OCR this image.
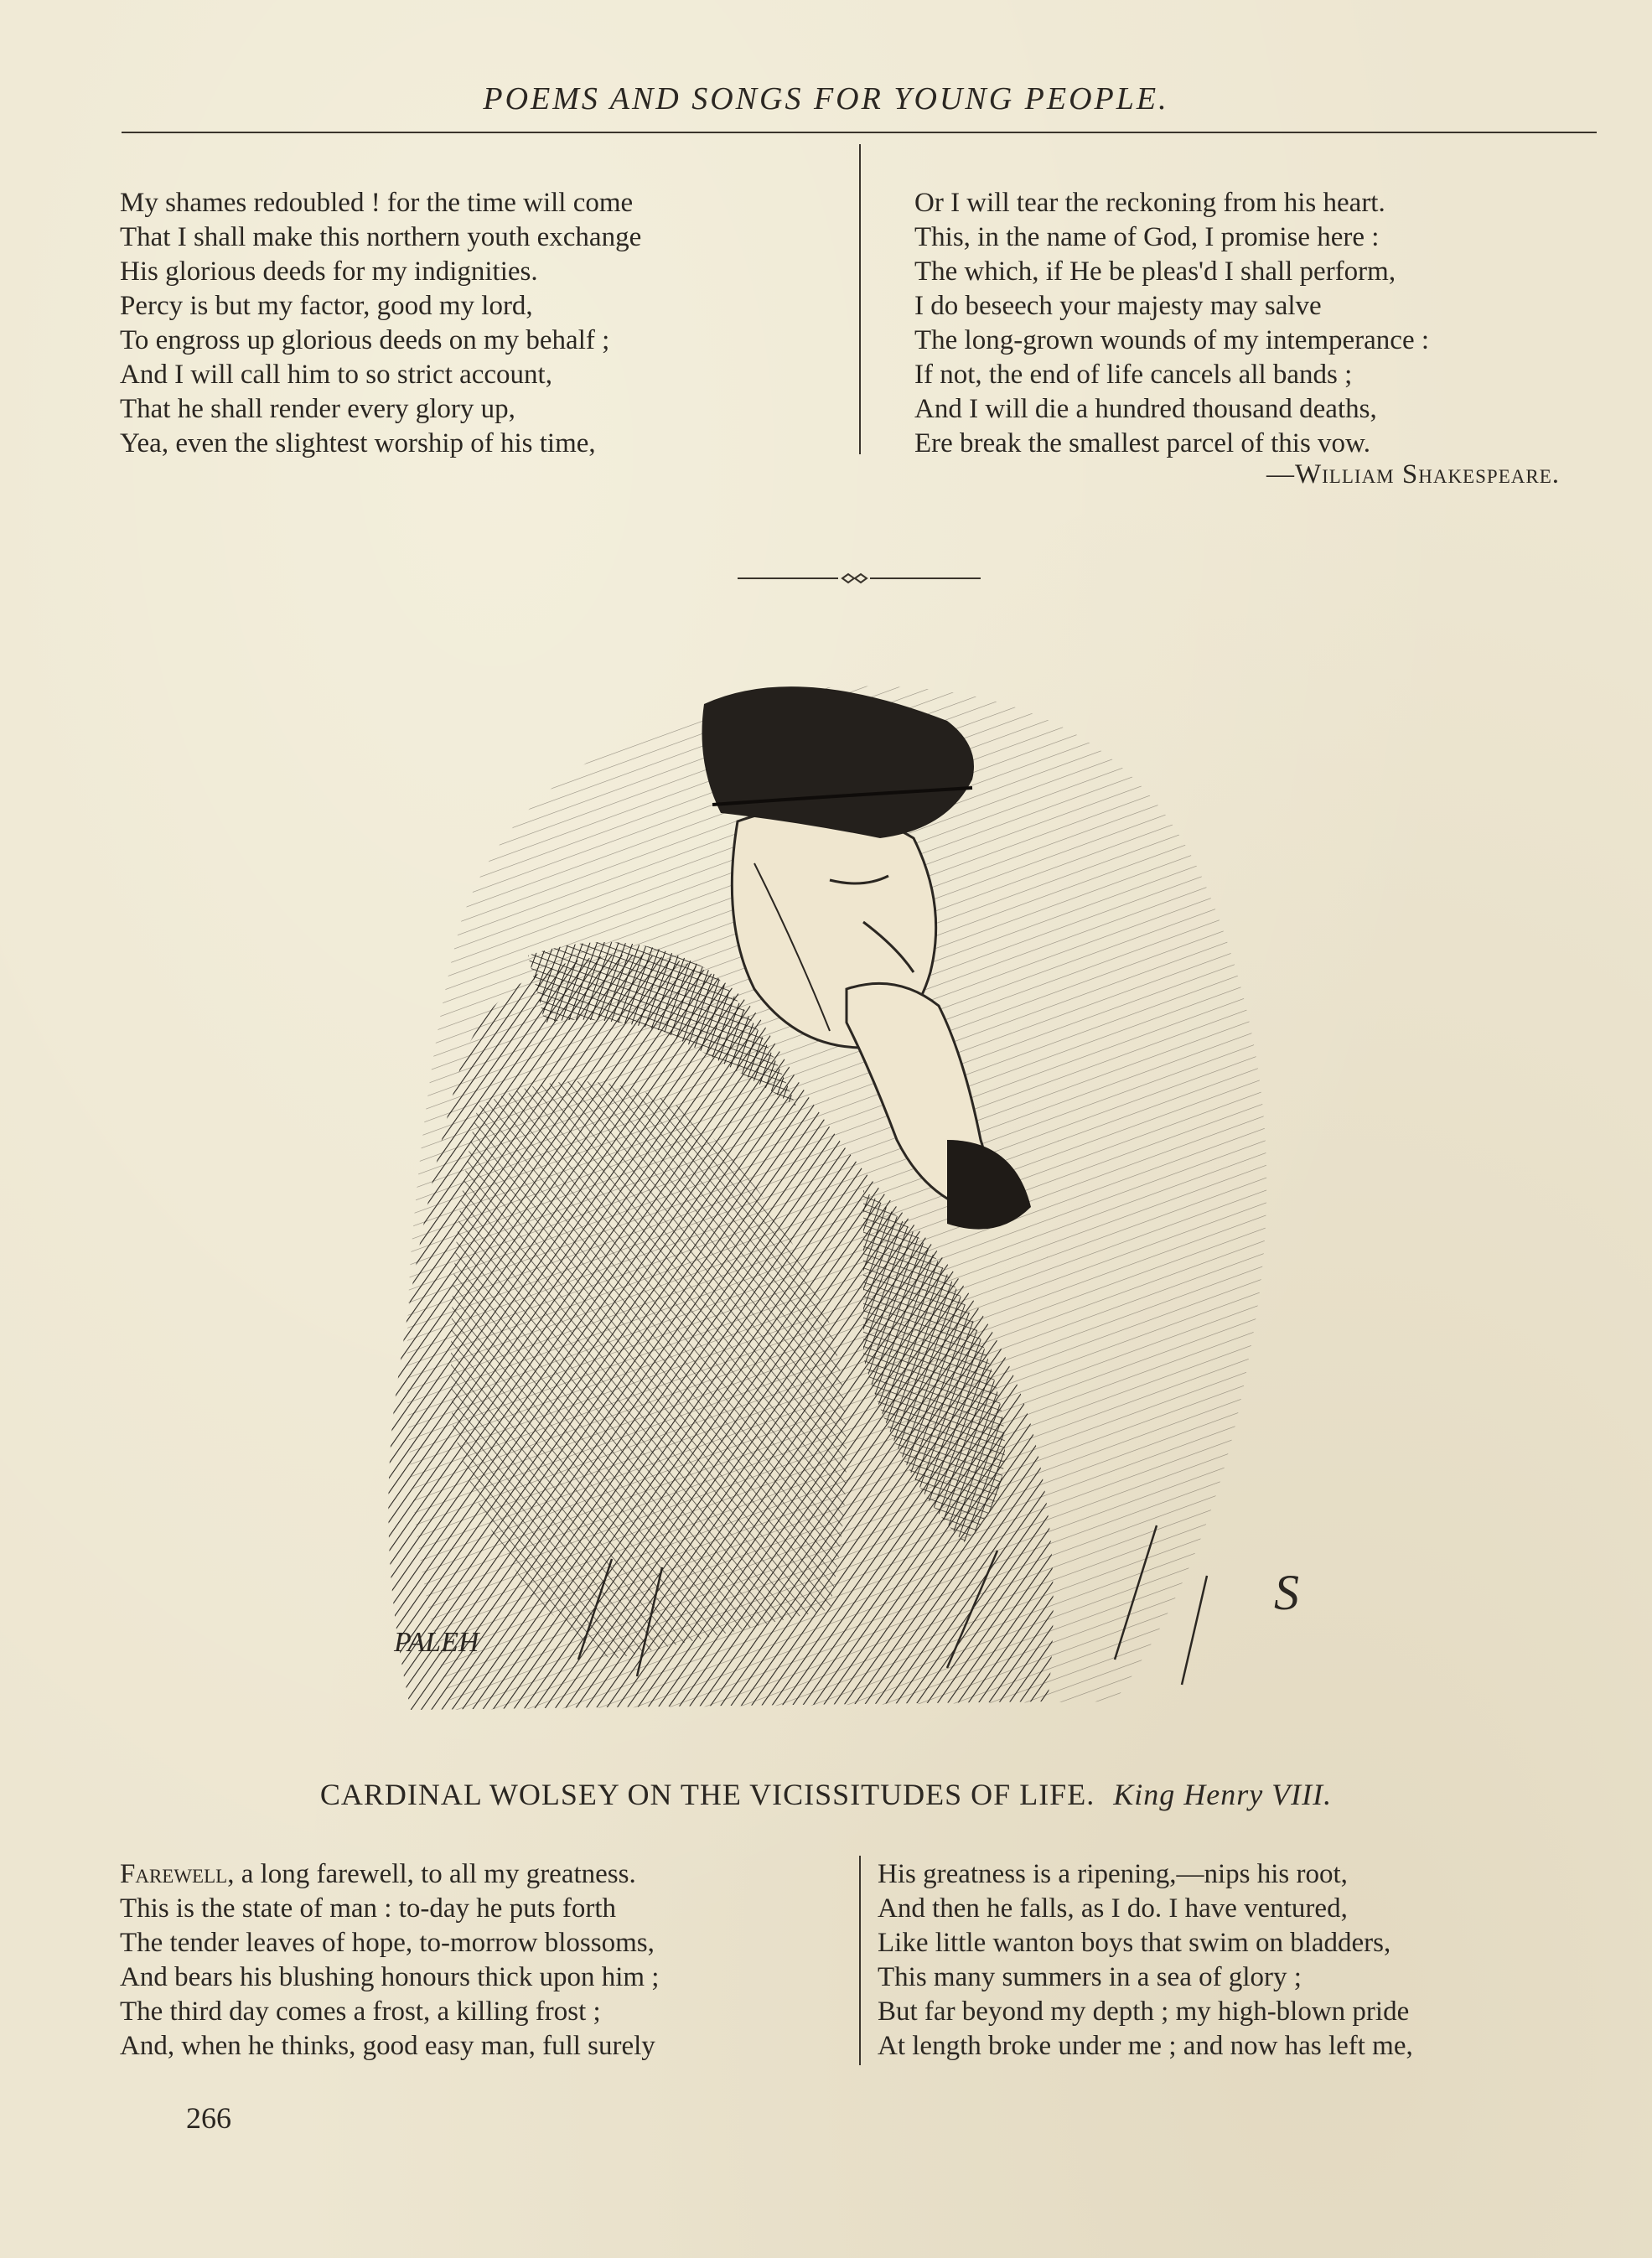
POEMS AND SONGS FOR YOUNG PEOPLE.
My shames redoubled ! for the time will come
That I shall make this northern youth exchange
His glorious deeds for my indignities.
Percy is but my factor, good my lord,
To engross up glorious deeds on my behalf ;
And I will call him to so strict account,
That he shall render every glory up,
Yea, even the slightest worship of his time,
Or I will tear the reckoning from his heart.
This, in the name of God, I promise here :
The which, if He be pleas'd I shall perform,
I do beseech your majesty may salve
The long-grown wounds of my intemperance :
If not, the end of life cancels all bands ;
And I will die a hundred thousand deaths,
Ere break the smallest parcel of this vow.
—William Shakespeare.
PALEH
S
CARDINAL WOLSEY ON THE VICISSITUDES OF LIFE. King Henry VIII.
Farewell, a long farewell, to all my greatness.
This is the state of man : to-day he puts forth
The tender leaves of hope, to-morrow blossoms,
And bears his blushing honours thick upon him ;
The third day comes a frost, a killing frost ;
And, when he thinks, good easy man, full surely
His greatness is a ripening,—nips his root,
And then he falls, as I do. I have ventured,
Like little wanton boys that swim on bladders,
This many summers in a sea of glory ;
But far beyond my depth ; my high-blown pride
At length broke under me ; and now has left me,
266
